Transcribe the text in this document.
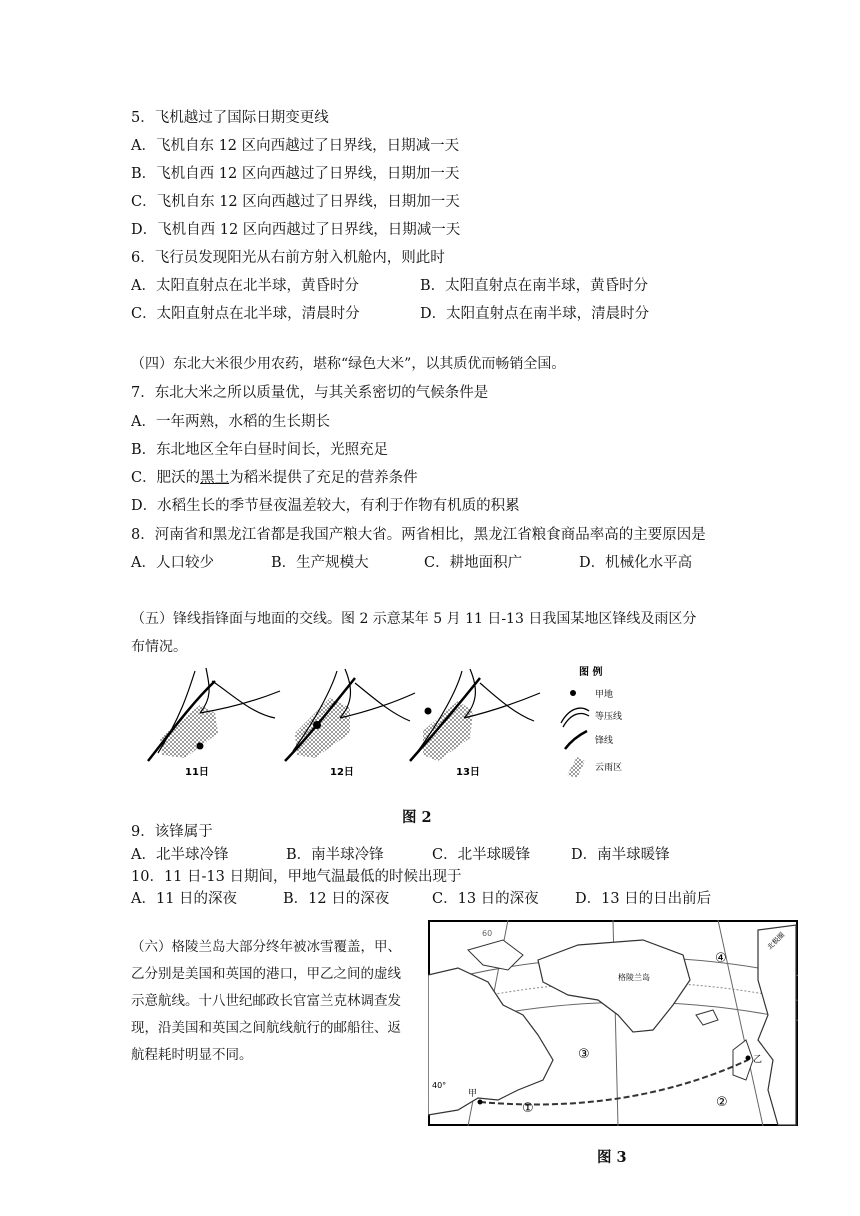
5．飞机越过了国际日期变更线
A．飞机自东 12 区向西越过了日界线，日期减一天
B．飞机自西 12 区向西越过了日界线，日期加一天
C．飞机自东 12 区向西越过了日界线，日期加一天
D．飞机自西 12 区向西越过了日界线，日期减一天
6．飞行员发现阳光从右前方射入机舱内，则此时
A．太阳直射点在北半球，黄昏时分	B．太阳直射点在南半球，黄昏时分
C．太阳直射点在北半球，清晨时分	D．太阳直射点在南半球，清晨时分
（四）东北大米很少用农药，堪称“绿色大米”，以其质优而畅销全国。
7．东北大米之所以质量优，与其关系密切的气候条件是
A．一年两熟，水稻的生长期长
B．东北地区全年白昼时间长，光照充足
C．肥沃的黑土为稻米提供了充足的营养条件
D．水稻生长的季节昼夜温差较大，有利于作物有机质的积累
8．河南省和黑龙江省都是我国产粮大省。两省相比，黑龙江省粮食商品率高的主要原因是
A．人口较少	B．生产规模大	C．耕地面积广	D．机械化水平高
（五）锋线指锋面与地面的交线。图 2 示意某年 5 月 11 日-13 日我国某地区锋线及雨区分
布情况。
11日	12日	13日
图 例
甲地
等压线
锋线
云雨区
图 2
9．该锋属于
A．北半球冷锋	B．南半球冷锋	C．北半球暖锋	D．南半球暖锋
10．11 日-13 日期间，甲地气温最低的时候出现于
A．11 日的深夜	B．12 日的深夜	C．13 日的深夜	D．13 日的日出前后
（六）格陵兰岛大部分终年被冰雪覆盖，甲、乙分别是美国和英国的港口，甲乙之间的虚线示意航线。十八世纪邮政长官富兰克林调查发现，沿美国和英国之间航线航行的邮船往、返航程耗时明显不同。
格陵兰岛
北极圈
40°
60
甲
乙
①	②
③
④
图 3
